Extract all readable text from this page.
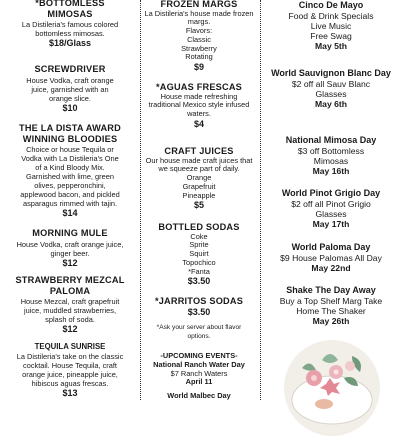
*BOTTOMLESS
MIMOSAS
La Distileria's famous colored
bottomless mimosas.
$18/Glass
SCREWDRIVER
House Vodka, craft orange
juice, garnished with an
orange slice.
$10
THE LA DISTA AWARD
WINNING BLOODIES
Choice or house Tequila or
Vodka with La Distileria's One
of a Kind Bloody Mix.
Garnished with lime, green
olives, pepperonchini,
applewood bacon, and pickled
asparagus rimmed with tajin.
$14
MORNING MULE
House Vodka, craft orange juice,
ginger beer.
$12
STRAWBERRY MEZCAL
PALOMA
House Mezcal, craft grapefruit
juice, muddled strawberries,
splash of soda.
$12
TEQUILA SUNRISE
La Distileria's take on the classic
cocktail. House Tequila, craft
orange juice, pineapple juice,
hibiscus aguas frescas.
$13
FROZEN MARGS
La Distileria's house made frozen
margs.
Flavors:
Classic
Strawberry
Rotating
$9
*AGUAS FRESCAS
House made refreshing
traditional Mexico style infused
waters.
$4
CRAFT JUICES
Our house made craft juices that
we squeeze part of daily.
Orange
Grapefruit
Pineapple
$5
BOTTLED SODAS
Coke
Sprite
Squirt
Topochico
*Fanta
$3.50
*JARRITOS SODAS
$3.50
*Ask your server about flavor
options.
-UPCOMING EVENTS-
National Ranch Water Day
$7 Ranch Waters
April 11
World Malbec Day
Cinco De Mayo
Food & Drink Specials
Live Music
Free Swag
May 5th
World Sauvignon Blanc Day
$2 off all Sauv Blanc
Glasses
May 6th
National Mimosa Day
$3 off Bottomless
Mimosas
May 16th
World Pinot Grigio Day
$2 off all Pinot Grigio
Glasses
May 17th
World Paloma Day
$9 House Palomas All Day
May 22nd
Shake The Day Away
Buy a Top Shelf Marg Take
Home The Shaker
May 26th
